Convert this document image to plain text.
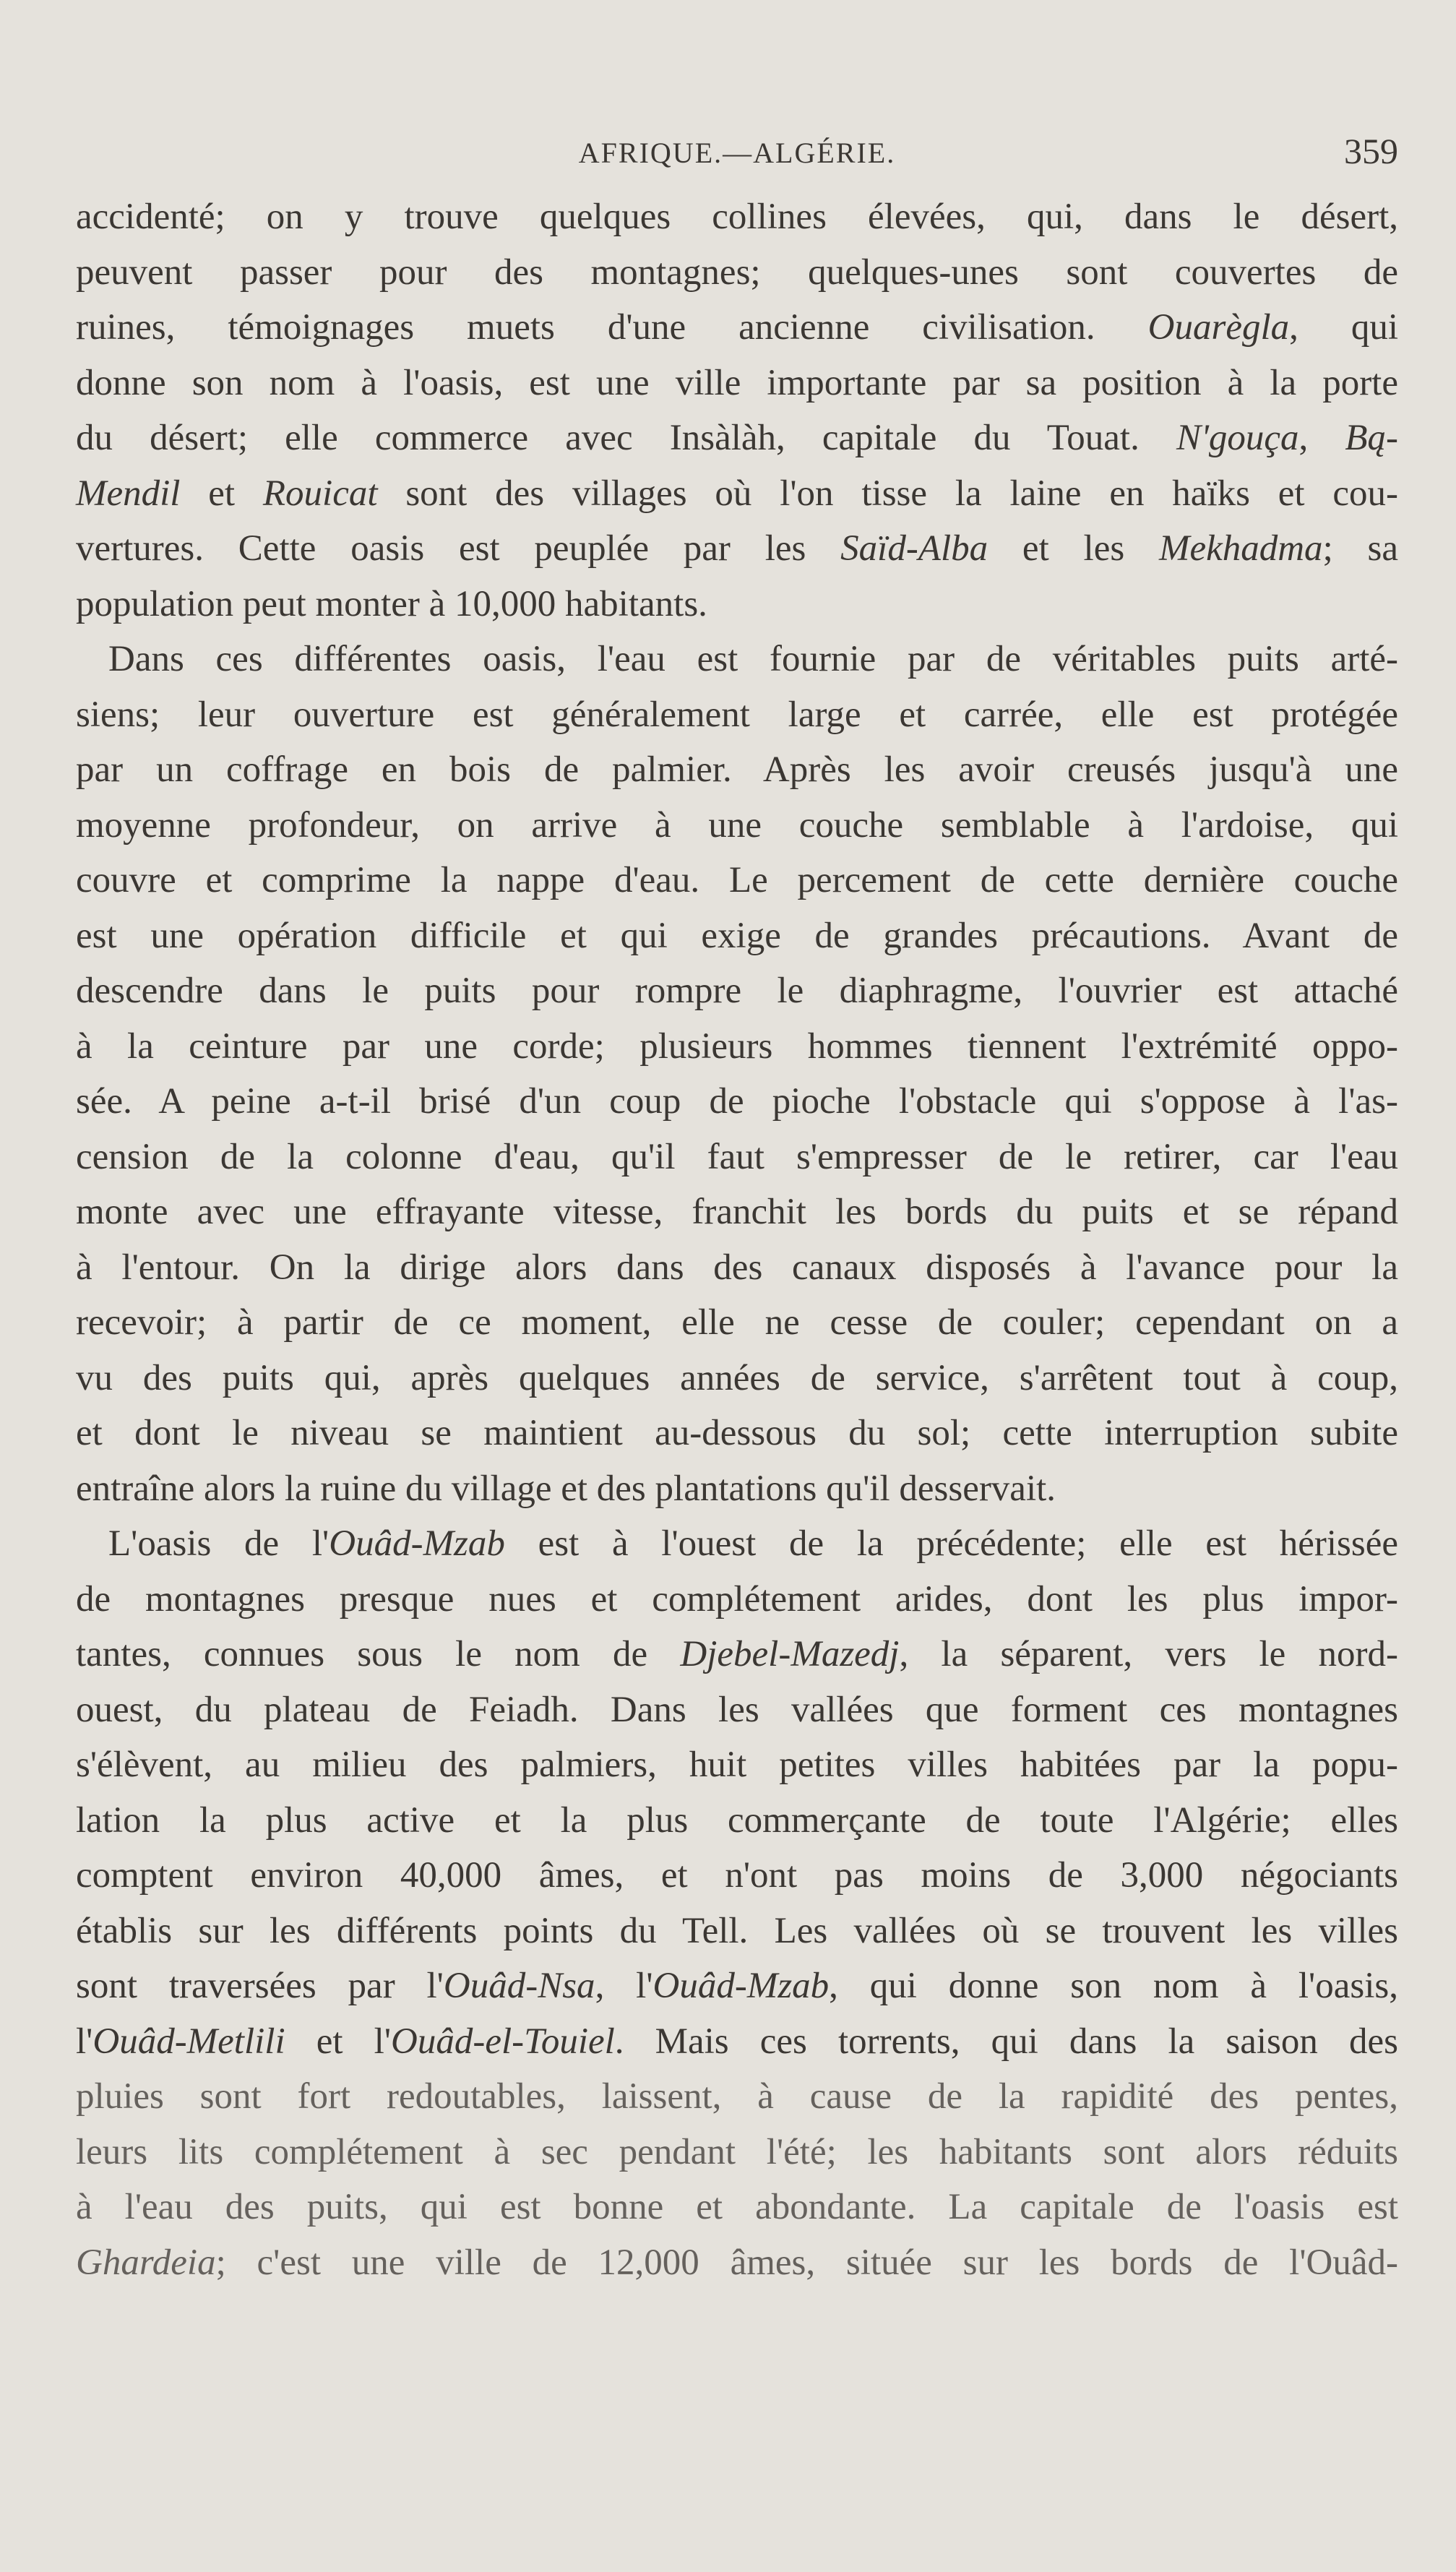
AFRIQUE.—ALGÉRIE.	359
accidenté; on y trouve quelques collines élevées, qui, dans le désert,
peuvent passer pour des montagnes; quelques-unes sont couvertes de
ruines, témoignages muets d'une ancienne civilisation. Ouarègla, qui
donne son nom à l'oasis, est une ville importante par sa position à la porte
du désert; elle commerce avec Insàlàh, capitale du Touat. N'gouça, Bą-
Mendil et Rouicat sont des villages où l'on tisse la laine en haïks et cou-
vertures. Cette oasis est peuplée par les Saïd-Alba et les Mekhadma; sa
population peut monter à 10,000 habitants.
Dans ces différentes oasis, l'eau est fournie par de véritables puits arté-
siens; leur ouverture est généralement large et carrée, elle est protégée
par un coffrage en bois de palmier. Après les avoir creusés jusqu'à une
moyenne profondeur, on arrive à une couche semblable à l'ardoise, qui
couvre et comprime la nappe d'eau. Le percement de cette dernière couche
est une opération difficile et qui exige de grandes précautions. Avant de
descendre dans le puits pour rompre le diaphragme, l'ouvrier est attaché
à la ceinture par une corde; plusieurs hommes tiennent l'extrémité oppo-
sée. A peine a-t-il brisé d'un coup de pioche l'obstacle qui s'oppose à l'as-
cension de la colonne d'eau, qu'il faut s'empresser de le retirer, car l'eau
monte avec une effrayante vitesse, franchit les bords du puits et se répand
à l'entour. On la dirige alors dans des canaux disposés à l'avance pour la
recevoir; à partir de ce moment, elle ne cesse de couler; cependant on a
vu des puits qui, après quelques années de service, s'arrêtent tout à coup,
et dont le niveau se maintient au-dessous du sol; cette interruption subite
entraîne alors la ruine du village et des plantations qu'il desservait.
L'oasis de l'Ouâd-Mzab est à l'ouest de la précédente; elle est hérissée
de montagnes presque nues et complétement arides, dont les plus impor-
tantes, connues sous le nom de Djebel-Mazedj, la séparent, vers le nord-
ouest, du plateau de Feiadh. Dans les vallées que forment ces montagnes
s'élèvent, au milieu des palmiers, huit petites villes habitées par la popu-
lation la plus active et la plus commerçante de toute l'Algérie; elles
comptent environ 40,000 âmes, et n'ont pas moins de 3,000 négociants
établis sur les différents points du Tell. Les vallées où se trouvent les villes
sont traversées par l'Ouâd-Nsa, l'Ouâd-Mzab, qui donne son nom à l'oasis,
l'Ouâd-Metlili et l'Ouâd-el-Touiel. Mais ces torrents, qui dans la saison des
pluies sont fort redoutables, laissent, à cause de la rapidité des pentes,
leurs lits complétement à sec pendant l'été; les habitants sont alors réduits
à l'eau des puits, qui est bonne et abondante. La capitale de l'oasis est
Ghardeia; c'est une ville de 12,000 âmes, située sur les bords de l'Ouâd-
